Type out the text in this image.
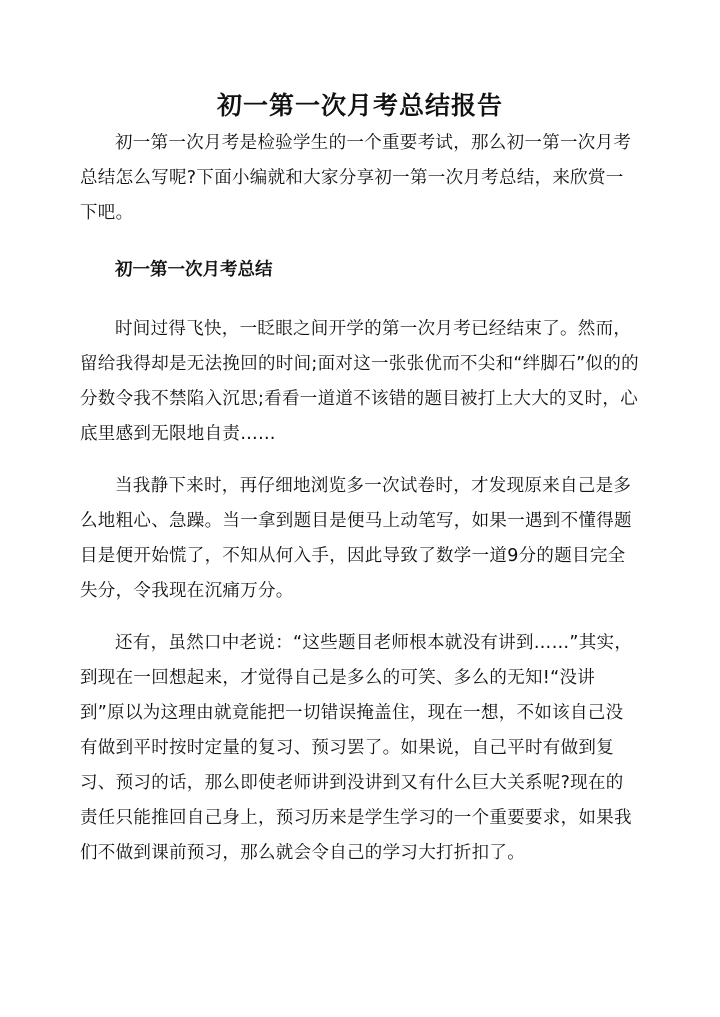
初一第一次月考总结报告

初一第一次月考是检验学生的一个重要考试，那么初一第一次月考总结怎么写呢?下面小编就和大家分享初一第一次月考总结，来欣赏一下吧。

初一第一次月考总结

时间过得飞快，一眨眼之间开学的第一次月考已经结束了。然而，留给我得却是无法挽回的时间;面对这一张张优而不尖和“绊脚石”似的的分数令我不禁陷入沉思;看看一道道不该错的题目被打上大大的叉时，心底里感到无限地自责……

当我静下来时，再仔细地浏览多一次试卷时，才发现原来自己是多么地粗心、急躁。当一拿到题目是便马上动笔写，如果一遇到不懂得题目是便开始慌了，不知从何入手，因此导致了数学一道9分的题目完全失分，令我现在沉痛万分。

还有，虽然口中老说：“这些题目老师根本就没有讲到……”其实，到现在一回想起来，才觉得自己是多么的可笑、多么的无知!“没讲到”原以为这理由就竟能把一切错误掩盖住，现在一想，不如该自己没有做到平时按时定量的复习、预习罢了。如果说，自己平时有做到复习、预习的话，那么即使老师讲到没讲到又有什么巨大关系呢?现在的责任只能推回自己身上，预习历来是学生学习的一个重要要求，如果我们不做到课前预习，那么就会令自己的学习大打折扣了。
